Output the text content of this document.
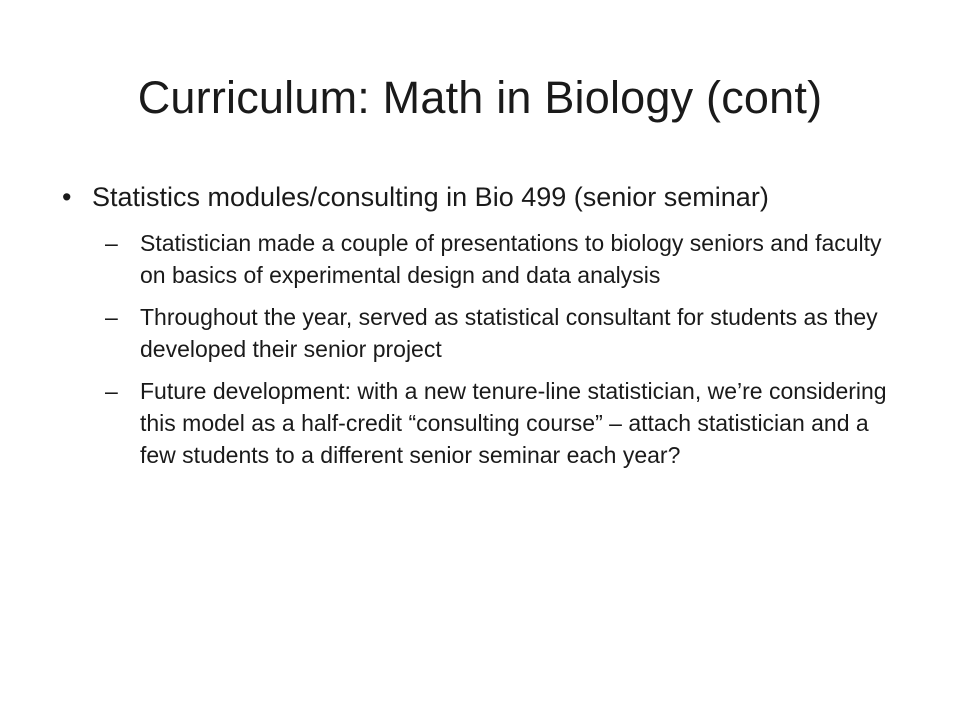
Curriculum: Math in Biology (cont)
• Statistics modules/consulting in Bio 499 (senior seminar)
– Statistician made a couple of presentations to biology seniors and faculty on basics of experimental design and data analysis
– Throughout the year, served as statistical consultant for students as they developed their senior project
– Future development: with a new tenure-line statistician, we’re considering this model as a half-credit “consulting course” – attach statistician and a few students to a different senior seminar each year?
